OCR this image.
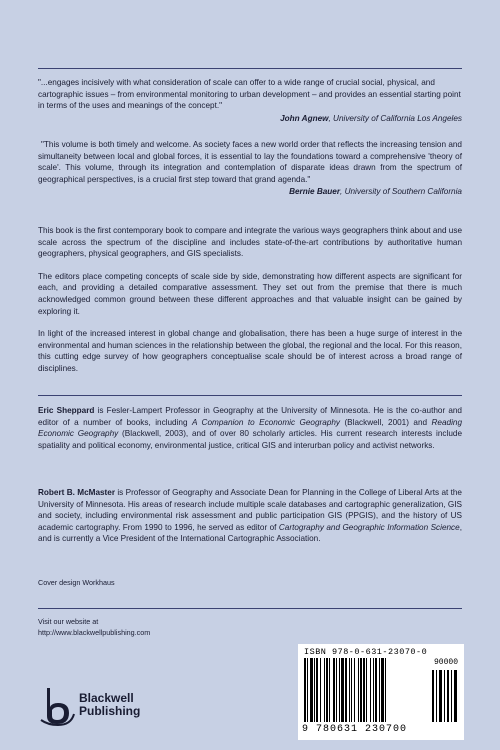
"...engages incisively with what consideration of scale can offer to a wide range of crucial social, physical, and cartographic issues – from environmental monitoring to urban development – and provides an essential starting point in terms of the uses and meanings of the concept."

John Agnew, University of California Los Angeles

"This volume is both timely and welcome. As society faces a new world order that reflects the increasing tension and simultaneity between local and global forces, it is essential to lay the foundations toward a comprehensive 'theory of scale'. This volume, through its integration and contemplation of disparate ideas drawn from the spectrum of geographical perspectives, is a crucial first step toward that grand agenda."

Bernie Bauer, University of Southern California

This book is the first contemporary book to compare and integrate the various ways geographers think about and use scale across the spectrum of the discipline and includes state-of-the-art contributions by authoritative human geographers, physical geographers, and GIS specialists.

The editors place competing concepts of scale side by side, demonstrating how different aspects are significant for each, and providing a detailed comparative assessment. They set out from the premise that there is much acknowledged common ground between these different approaches and that valuable insight can be gained by exploring it.

In light of the increased interest in global change and globalisation, there has been a huge surge of interest in the environmental and human sciences in the relationship between the global, the regional and the local. For this reason, this cutting edge survey of how geographers conceptualise scale should be of interest across a broad range of disciplines.

Eric Sheppard is Fesler-Lampert Professor in Geography at the University of Minnesota. He is the co-author and editor of a number of books, including A Companion to Economic Geography (Blackwell, 2001) and Reading Economic Geography (Blackwell, 2003), and of over 80 scholarly articles. His current research interests include spatiality and political economy, environmental justice, critical GIS and interurban policy and activist networks.

Robert B. McMaster is Professor of Geography and Associate Dean for Planning in the College of Liberal Arts at the University of Minnesota. His areas of research include multiple scale databases and cartographic generalization, GIS and society, including environmental risk assessment and public participation GIS (PPGIS), and the history of US academic cartography. From 1990 to 1996, he served as editor of Cartography and Geographic Information Science, and is currently a Vice President of the International Cartographic Association.

Cover design Workhaus
Visit our website at
http://www.blackwellpublishing.com
Blackwell
Publishing
ISBN 978-0-631-23070-0
90000
9 780631 230700
